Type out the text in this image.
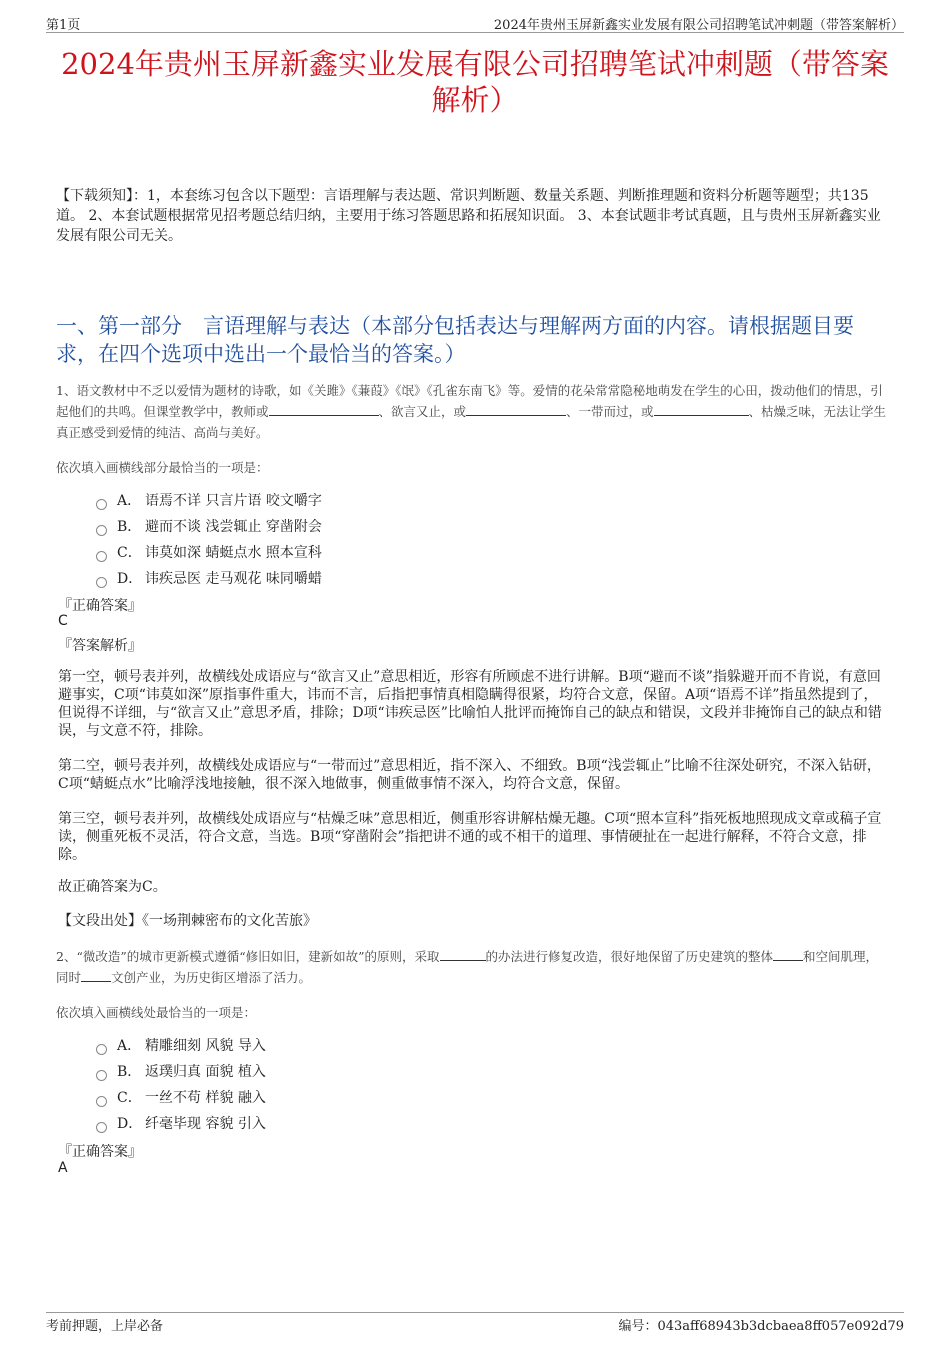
第1页	2024年贵州玉屏新鑫实业发展有限公司招聘笔试冲刺题（带答案解析）
2024年贵州玉屏新鑫实业发展有限公司招聘笔试冲刺题（带答案解析）
【下载须知】：1，本套练习包含以下题型：言语理解与表达题、常识判断题、数量关系题、判断推理题和资料分析题等题型；共135道。 2、本套试题根据常见招考题总结归纳，主要用于练习答题思路和拓展知识面。 3、本套试题非考试真题，且与贵州玉屏新鑫实业发展有限公司无关。
一、第一部分　言语理解与表达（本部分包括表达与理解两方面的内容。请根据题目要求，在四个选项中选出一个最恰当的答案。）
1、语文教材中不乏以爱情为题材的诗歌，如《关雎》《蒹葭》《氓》《孔雀东南飞》等。爱情的花朵常常隐秘地萌发在学生的心田，拨动他们的情思，引起他们的共鸣。但课堂教学中，教师或	、欲言又止，或	、一带而过，或	、枯燥乏味，无法让学生真正感受到爱情的纯洁、高尚与美好。
依次填入画横线部分最恰当的一项是：
A． 语焉不详 只言片语 咬文嚼字
B． 避而不谈 浅尝辄止 穿凿附会
C． 讳莫如深 蜻蜓点水 照本宣科
D． 讳疾忌医 走马观花 味同嚼蜡
『正确答案』
C
『答案解析』
第一空，顿号表并列，故横线处成语应与“欲言又止”意思相近，形容有所顾虑不进行讲解。B项“避而不谈”指躲避开而不肯说，有意回避事实，C项“讳莫如深”原指事件重大，讳而不言，后指把事情真相隐瞒得很紧，均符合文意，保留。A项“语焉不详”指虽然提到了，但说得不详细，与“欲言又止”意思矛盾，排除；D项“讳疾忌医”比喻怕人批评而掩饰自己的缺点和错误，文段并非掩饰自己的缺点和错误，与文意不符，排除。
第二空，顿号表并列，故横线处成语应与“一带而过”意思相近，指不深入、不细致。B项“浅尝辄止”比喻不往深处研究，不深入钻研，C项“蜻蜓点水”比喻浮浅地接触，很不深入地做事，侧重做事情不深入，均符合文意，保留。
第三空，顿号表并列，故横线处成语应与“枯燥乏味”意思相近，侧重形容讲解枯燥无趣。C项“照本宣科”指死板地照现成文章或稿子宣读，侧重死板不灵活，符合文意，当选。B项“穿凿附会”指把讲不通的或不相干的道理、事情硬扯在一起进行解释，不符合文意，排除。
故正确答案为C。
【文段出处】《一场荆棘密布的文化苦旅》
2、“微改造”的城市更新模式遵循“修旧如旧，建新如故”的原则，采取	的办法进行修复改造，很好地保留了历史建筑的整体 和空间肌理，同时 文创产业，为历史街区增添了活力。
依次填入画横线处最恰当的一项是：
A． 精雕细刻 风貌 导入
B． 返璞归真 面貌 植入
C． 一丝不苟 样貌 融入
D． 纤毫毕现 容貌 引入
『正确答案』
A
考前押题，上岸必备	编号：043aff68943b3dcbaea8ff057e092d79
